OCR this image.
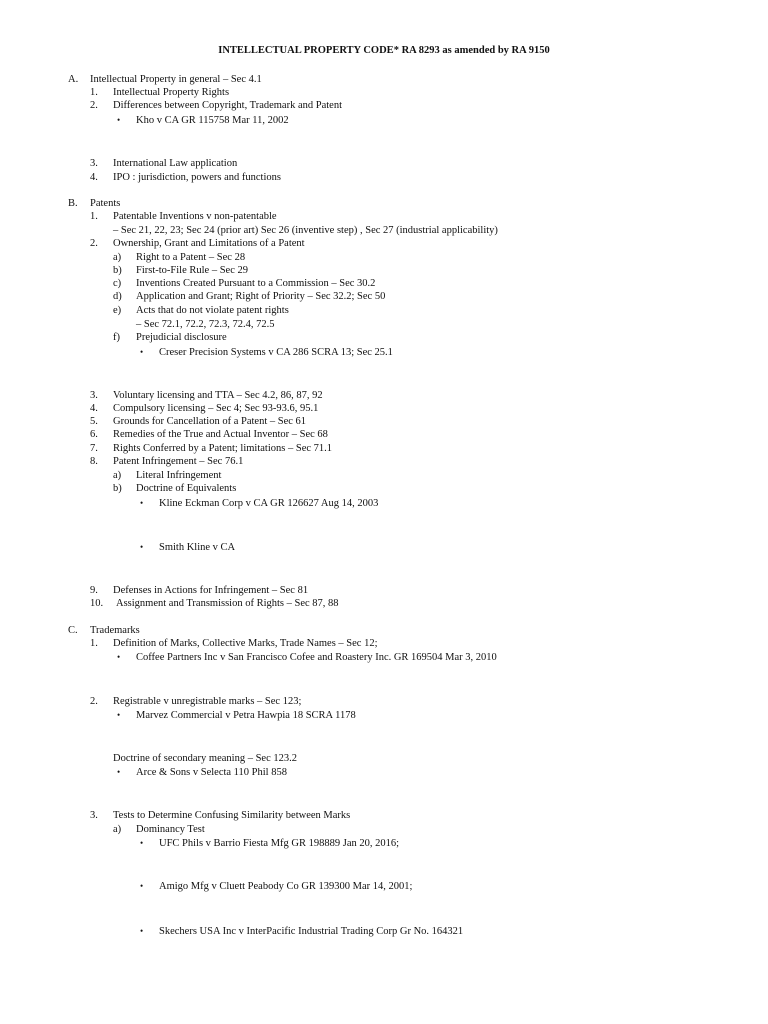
INTELLECTUAL PROPERTY CODE* RA 8293 as amended by RA 9150
A. Intellectual Property in general – Sec 4.1
1. Intellectual Property Rights
2. Differences between Copyright, Trademark and Patent
• Kho v CA GR 115758 Mar 11, 2002
3. International Law application
4. IPO : jurisdiction, powers and functions
B. Patents
1. Patentable Inventions v non-patentable
– Sec 21, 22, 23; Sec 24 (prior art) Sec 26 (inventive step) , Sec 27 (industrial applicability)
2. Ownership, Grant and Limitations of a Patent
a) Right to a Patent – Sec 28
b) First-to-File Rule – Sec 29
c) Inventions Created Pursuant to a Commission – Sec 30.2
d) Application and Grant; Right of Priority – Sec 32.2; Sec 50
e) Acts that do not violate patent rights
– Sec 72.1, 72.2, 72.3, 72.4, 72.5
f) Prejudicial disclosure
• Creser Precision Systems v CA 286 SCRA 13; Sec 25.1
3. Voluntary licensing and TTA – Sec 4.2, 86, 87, 92
4. Compulsory licensing – Sec 4; Sec 93-93.6, 95.1
5. Grounds for Cancellation of a Patent – Sec 61
6. Remedies of the True and Actual Inventor – Sec 68
7. Rights Conferred by a Patent; limitations – Sec 71.1
8. Patent Infringement – Sec 76.1
a) Literal Infringement
b) Doctrine of Equivalents
• Kline Eckman Corp v CA GR 126627 Aug 14, 2003
• Smith Kline v CA
9. Defenses in Actions for Infringement – Sec 81
10. Assignment and Transmission of Rights – Sec 87, 88
C. Trademarks
1. Definition of Marks, Collective Marks, Trade Names – Sec 12;
• Coffee Partners Inc v San Francisco Cofee and Roastery Inc. GR 169504 Mar 3, 2010
2. Registrable v unregistrable marks – Sec 123;
• Marvez Commercial v Petra Hawpia 18 SCRA 1178
Doctrine of secondary meaning – Sec 123.2
• Arce & Sons v Selecta 110 Phil 858
3. Tests to Determine Confusing Similarity between Marks
a) Dominancy Test
• UFC Phils v Barrio Fiesta Mfg GR 198889 Jan 20, 2016;
• Amigo Mfg v Cluett Peabody Co GR 139300 Mar 14, 2001;
• Skechers USA Inc v InterPacific Industrial Trading Corp Gr No. 164321
